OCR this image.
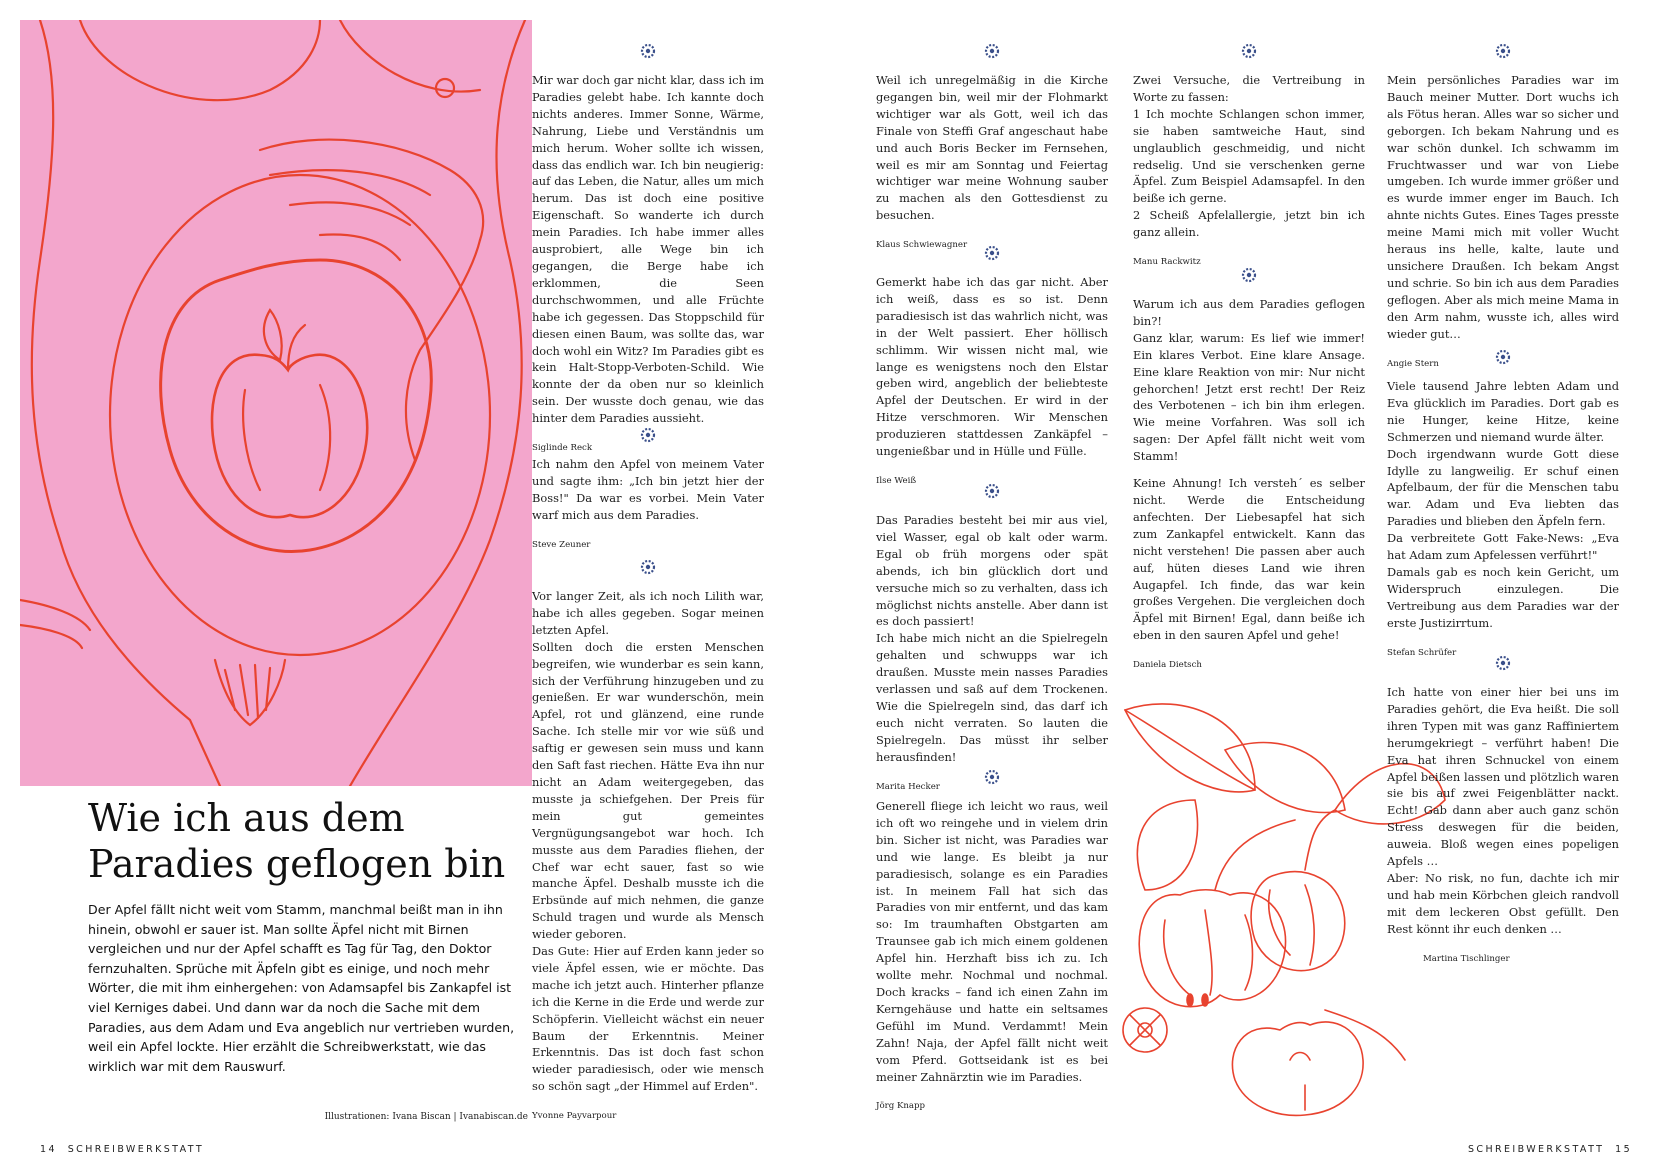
Wie ich aus dem
Paradies geflogen bin

Der Apfel fällt nicht weit vom Stamm, manchmal beißt man in ihn hinein, obwohl er sauer ist. Man sollte Äpfel nicht mit Birnen vergleichen und nur der Apfel schafft es Tag für Tag, den Doktor fernzuhalten. Sprüche mit Äpfeln gibt es einige, und noch mehr Wörter, die mit ihm einhergehen: von Adamsapfel bis Zankapfel ist viel Kerniges dabei. Und dann war da noch die Sache mit dem Paradies, aus dem Adam und Eva angeblich nur vertrieben wurden, weil ein Apfel lockte. Hier erzählt die Schreibwerkstatt, wie das wirklich war mit dem Rauswurf.

Illustrationen: Ivana Biscan | Ivanabiscan.de

Mir war doch gar nicht klar, dass ich im Paradies gelebt habe. Ich kannte doch nichts anderes. Immer Sonne, Wärme, Nahrung, Liebe und Verständnis um mich herum. Woher sollte ich wissen, dass das endlich war. Ich bin neugierig: auf das Leben, die Natur, alles um mich herum. Das ist doch eine positive Eigenschaft. So wanderte ich durch mein Paradies. Ich habe immer alles ausprobiert, alle Wege bin ich gegangen, die Berge habe ich erklommen, die Seen durchschwommen, und alle Früchte habe ich gegessen. Das Stoppschild für diesen einen Baum, was sollte das, war doch wohl ein Witz? Im Paradies gibt es kein Halt-Stopp-Verboten-Schild. Wie konnte der da oben nur so kleinlich sein. Der wusste doch genau, wie das hinter dem Paradies aussieht.

Siglinde Reck

Ich nahm den Apfel von meinem Vater und sagte ihm: „Ich bin jetzt hier der Boss!" Da war es vorbei. Mein Vater warf mich aus dem Paradies.

Steve Zeuner

Vor langer Zeit, als ich noch Lilith war, habe ich alles gegeben. Sogar meinen letzten Apfel.

Sollten doch die ersten Menschen begreifen, wie wunderbar es sein kann, sich der Verführung hinzugeben und zu genießen. Er war wunderschön, mein Apfel, rot und glänzend, eine runde Sache. Ich stelle mir vor wie süß und saftig er gewesen sein muss und kann den Saft fast riechen. Hätte Eva ihn nur nicht an Adam weitergegeben, das musste ja schiefgehen. Der Preis für mein gut gemeintes Vergnügungsangebot war hoch. Ich musste aus dem Paradies fliehen, der Chef war echt sauer, fast so wie manche Äpfel. Deshalb musste ich die Erbsünde auf mich nehmen, die ganze Schuld tragen und wurde als Mensch wieder geboren.

Das Gute: Hier auf Erden kann jeder so viele Äpfel essen, wie er möchte. Das mache ich jetzt auch. Hinterher pflanze ich die Kerne in die Erde und werde zur Schöpferin. Vielleicht wächst ein neuer Baum der Erkenntnis. Meiner Erkenntnis. Das ist doch fast schon wieder paradiesisch, oder wie mensch so schön sagt „der Himmel auf Erden".

Yvonne Payvarpour
14 SCHREIBWERKSTATT

Weil ich unregelmäßig in die Kirche gegangen bin, weil mir der Flohmarkt wichtiger war als Gott, weil ich das Finale von Steffi Graf angeschaut habe und auch Boris Becker im Fernsehen, weil es mir am Sonntag und Feiertag wichtiger war meine Wohnung sauber zu machen als den Gottesdienst zu besuchen.

Klaus Schwiewagner

Gemerkt habe ich das gar nicht. Aber ich weiß, dass es so ist. Denn paradiesisch ist das wahrlich nicht, was in der Welt passiert. Eher höllisch schlimm. Wir wissen nicht mal, wie lange es wenigstens noch den Elstar geben wird, angeblich der beliebteste Apfel der Deutschen. Er wird in der Hitze verschmoren. Wir Menschen produzieren stattdessen Zankäpfel – ungenießbar und in Hülle und Fülle.

Ilse Weiß

Das Paradies besteht bei mir aus viel, viel Wasser, egal ob kalt oder warm. Egal ob früh morgens oder spät abends, ich bin glücklich dort und versuche mich so zu verhalten, dass ich möglichst nichts anstelle. Aber dann ist es doch passiert!

Ich habe mich nicht an die Spielregeln gehalten und schwupps war ich draußen. Musste mein nasses Paradies verlassen und saß auf dem Trockenen. Wie die Spielregeln sind, das darf ich euch nicht verraten. So lauten die Spielregeln. Das müsst ihr selber herausfinden!

Marita Hecker

Generell fliege ich leicht wo raus, weil ich oft wo reingehe und in vielem drin bin. Sicher ist nicht, was Paradies war und wie lange. Es bleibt ja nur paradiesisch, solange es ein Paradies ist. In meinem Fall hat sich das Paradies von mir entfernt, und das kam so: Im traumhaften Obstgarten am Traunsee gab ich mich einem goldenen Apfel hin. Herzhaft biss ich zu. Ich wollte mehr. Nochmal und nochmal. Doch kracks – fand ich einen Zahn im Kerngehäuse und hatte ein seltsames Gefühl im Mund. Verdammt! Mein Zahn! Naja, der Apfel fällt nicht weit vom Pferd. Gottseidank ist es bei meiner Zahnärztin wie im Paradies.

Jörg Knapp

Zwei Versuche, die Vertreibung in Worte zu fassen:

1 Ich mochte Schlangen schon immer, sie haben samtweiche Haut, sind unglaublich geschmeidig, und nicht redselig. Und sie verschenken gerne Äpfel. Zum Beispiel Adamsapfel. In den beiße ich gerne.

2 Scheiß Apfelallergie, jetzt bin ich ganz allein.

Manu Rackwitz

Warum ich aus dem Paradies geflogen bin?!

Ganz klar, warum: Es lief wie immer! Ein klares Verbot. Eine klare Ansage. Eine klare Reaktion von mir: Nur nicht gehorchen! Jetzt erst recht! Der Reiz des Verbotenen – ich bin ihm erlegen. Wie meine Vorfahren. Was soll ich sagen: Der Apfel fällt nicht weit vom Stamm!

Keine Ahnung! Ich versteh´ es selber nicht. Werde die Entscheidung anfechten. Der Liebesapfel hat sich zum Zankapfel entwickelt. Kann das nicht verstehen! Die passen aber auch auf, hüten dieses Land wie ihren Augapfel. Ich finde, das war kein großes Vergehen. Die vergleichen doch Äpfel mit Birnen! Egal, dann beiße ich eben in den sauren Apfel und gehe!

Daniela Dietsch

Mein persönliches Paradies war im Bauch meiner Mutter. Dort wuchs ich als Fötus heran. Alles war so sicher und geborgen. Ich bekam Nahrung und es war schön dunkel. Ich schwamm im Fruchtwasser und war von Liebe umgeben. Ich wurde immer größer und es wurde immer enger im Bauch. Ich ahnte nichts Gutes. Eines Tages presste meine Mami mich mit voller Wucht heraus ins helle, kalte, laute und unsichere Draußen. Ich bekam Angst und schrie. So bin ich aus dem Paradies geflogen. Aber als mich meine Mama in den Arm nahm, wusste ich, alles wird wieder gut…

Angie Stern

Viele tausend Jahre lebten Adam und Eva glücklich im Paradies. Dort gab es nie Hunger, keine Hitze, keine Schmerzen und niemand wurde älter.

Doch irgendwann wurde Gott diese Idylle zu langweilig. Er schuf einen Apfelbaum, der für die Menschen tabu war. Adam und Eva liebten das Paradies und blieben den Äpfeln fern.

Da verbreitete Gott Fake-News: „Eva hat Adam zum Apfelessen verführt!"

Damals gab es noch kein Gericht, um Widerspruch einzulegen. Die Vertreibung aus dem Paradies war der erste Justizirrtum.

Stefan Schrüfer

Ich hatte von einer hier bei uns im Paradies gehört, die Eva heißt. Die soll ihren Typen mit was ganz Raffiniertem herumgekriegt – verführt haben! Die Eva hat ihren Schnuckel von einem Apfel beißen lassen und plötzlich waren sie bis auf zwei Feigenblätter nackt. Echt! Gab dann aber auch ganz schön Stress deswegen für die beiden, auweia. Bloß wegen eines popeligen Apfels …

Aber: No risk, no fun, dachte ich mir und hab mein Körbchen gleich randvoll mit dem leckeren Obst gefüllt. Den Rest könnt ihr euch denken …

Martina Tischlinger
SCHREIBWERKSTATT 15
